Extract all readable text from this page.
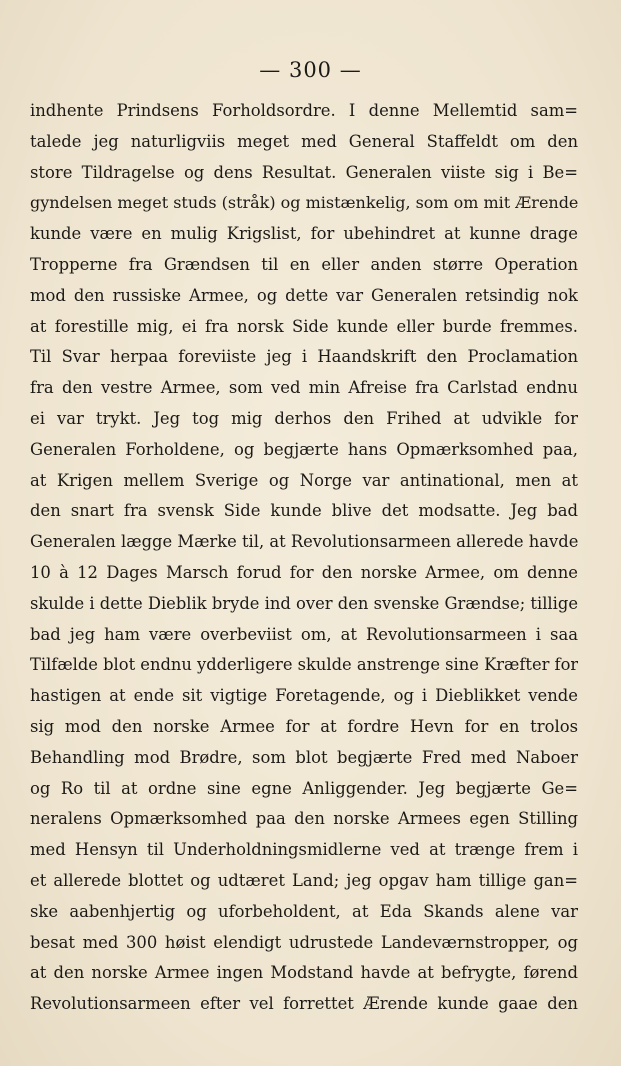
— 300 —
indhente Prindsens Forholdsordre. I denne Mellemtid sam=
talede jeg naturligviis meget med General Staffeldt om den
store Tildragelse og dens Resultat. Generalen viiste sig i Be=
gyndelsen meget studs (stråk) og mistænkelig, som om mit Ærende
kunde være en mulig Krigslist, for ubehindret at kunne drage
Tropperne fra Grændsen til en eller anden større Operation
mod den russiske Armee, og dette var Generalen retsindig nok
at forestille mig, ei fra norsk Side kunde eller burde fremmes.
Til Svar herpaa foreviiste jeg i Haandskrift den Proclamation
fra den vestre Armee, som ved min Afreise fra Carlstad endnu
ei var trykt. Jeg tog mig derhos den Frihed at udvikle for
Generalen Forholdene, og begjærte hans Opmærksomhed paa,
at Krigen mellem Sverige og Norge var antinational, men at
den snart fra svensk Side kunde blive det modsatte. Jeg bad
Generalen lægge Mærke til, at Revolutionsarmeen allerede havde
10 à 12 Dages Marsch forud for den norske Armee, om denne
skulde i dette Dieblik bryde ind over den svenske Grændse; tillige
bad jeg ham være overbeviist om, at Revolutionsarmeen i saa
Tilfælde blot endnu ydderligere skulde anstrenge sine Kræfter for
hastigen at ende sit vigtige Foretagende, og i Dieblikket vende
sig mod den norske Armee for at fordre Hevn for en trolos
Behandling mod Brødre, som blot begjærte Fred med Naboer
og Ro til at ordne sine egne Anliggender. Jeg begjærte Ge=
neralens Opmærksomhed paa den norske Armees egen Stilling
med Hensyn til Underholdningsmidlerne ved at trænge frem i
et allerede blottet og udtæret Land; jeg opgav ham tillige gan=
ske aabenhjertig og uforbeholdent, at Eda Skands alene var
besat med 300 høist elendigt udrustede Landeværnstropper, og
at den norske Armee ingen Modstand havde at befrygte, førend
Revolutionsarmeen efter vel forrettet Ærende kunde gaae den
